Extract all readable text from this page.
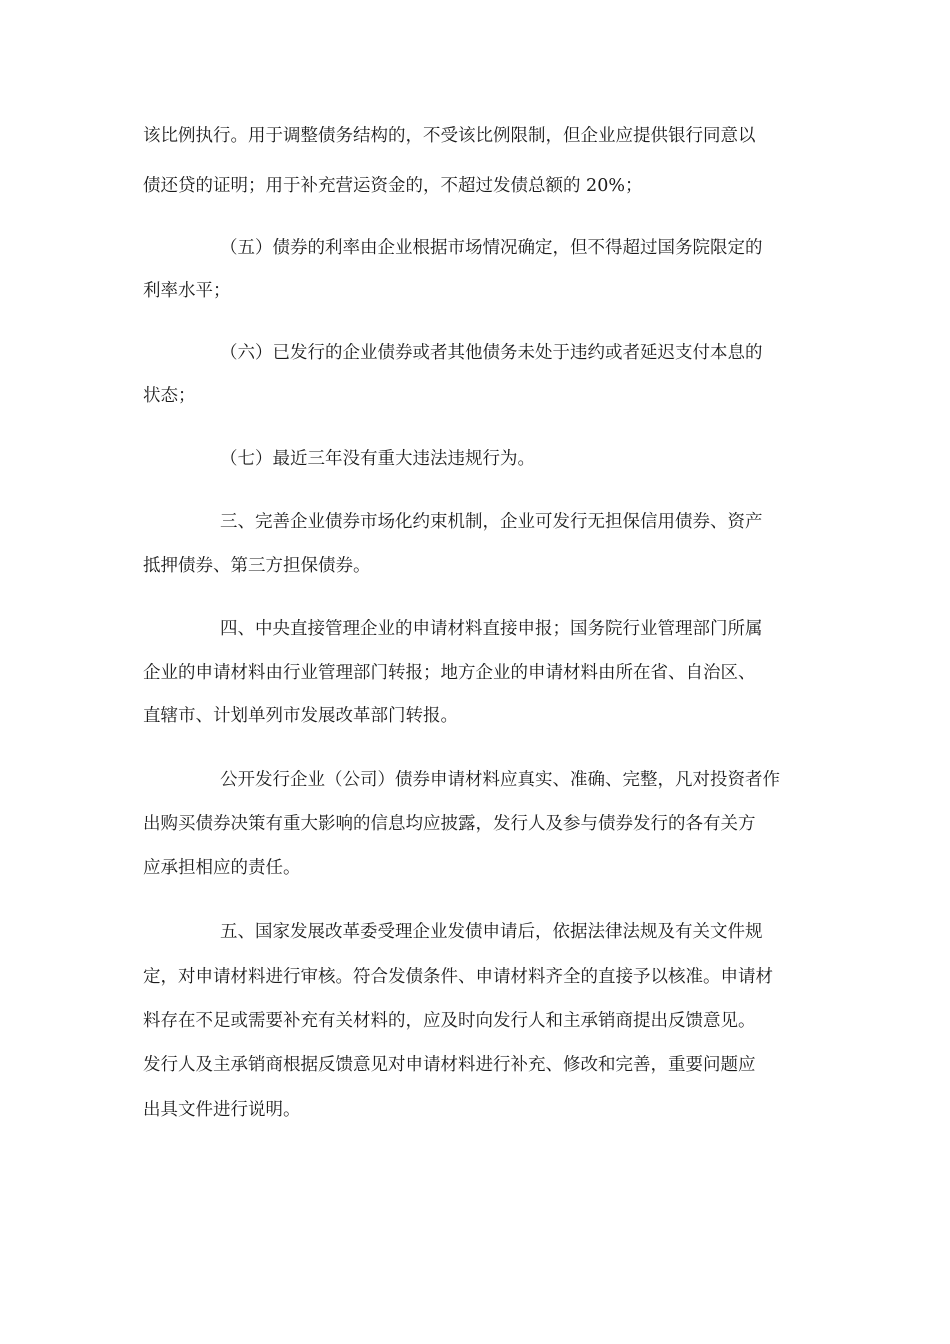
该比例执行。用于调整债务结构的，不受该比例限制，但企业应提供银行同意以
债还贷的证明；用于补充营运资金的，不超过发债总额的 20%；
（五）债券的利率由企业根据市场情况确定，但不得超过国务院限定的
利率水平；
（六）已发行的企业债券或者其他债务未处于违约或者延迟支付本息的
状态；
（七）最近三年没有重大违法违规行为。
三、完善企业债券市场化约束机制，企业可发行无担保信用债券、资产
抵押债券、第三方担保债券。
四、中央直接管理企业的申请材料直接申报；国务院行业管理部门所属
企业的申请材料由行业管理部门转报；地方企业的申请材料由所在省、自治区、
直辖市、计划单列市发展改革部门转报。
公开发行企业（公司）债券申请材料应真实、准确、完整，凡对投资者作
出购买债券决策有重大影响的信息均应披露，发行人及参与债券发行的各有关方
应承担相应的责任。
五、国家发展改革委受理企业发债申请后，依据法律法规及有关文件规
定，对申请材料进行审核。符合发债条件、申请材料齐全的直接予以核准。申请材
料存在不足或需要补充有关材料的，应及时向发行人和主承销商提出反馈意见。
发行人及主承销商根据反馈意见对申请材料进行补充、修改和完善，重要问题应
出具文件进行说明。
